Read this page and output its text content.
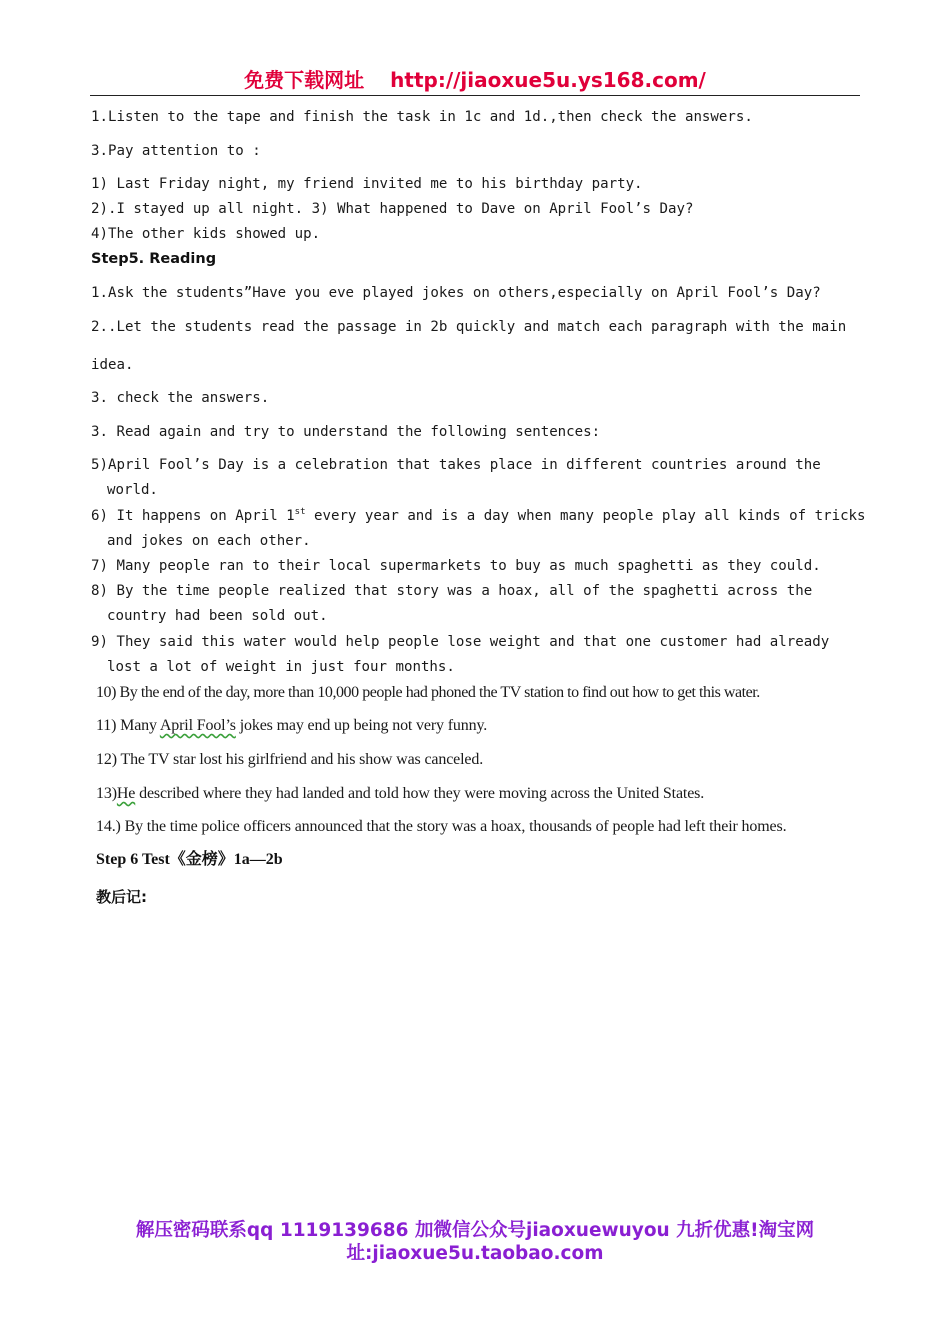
免费下载网址 http://jiaoxue5u.ys168.com/
1.Listen to the tape and finish the task in 1c and 1d.,then check the answers.
3.Pay attention to :
1) Last Friday night, my friend invited me to his birthday party.
2).I stayed up all night. 3) What happened to Dave on April Fool’s Day?
4)The other kids showed up.
Step5. Reading
1.Ask the students”Have you eve played jokes on others,especially on April Fool’s Day?
2..Let the students read the passage in 2b quickly and match each paragraph with the main
idea.
3. check the answers.
3. Read again and try to understand the following sentences:
5)April Fool’s Day is a celebration that takes place in different countries around the
world.
6) It happens on April 1st every year and is a day when many people play all kinds of tricks
and jokes on each other.
7) Many people ran to their local supermarkets to buy as much spaghetti as they could.
8) By the time people realized that story was a hoax, all of the spaghetti across the
country had been sold out.
9) They said this water would help people lose weight and that one customer had already
lost a lot of weight in just four months.
10) By the end of the day, more than 10,000 people had phoned the TV station to find out how to get this water.
11) Many April Fool’s jokes may end up being not very funny.
12) The TV star lost his girlfriend and his show was canceled.
13)He described where they had landed and told how they were moving across the United States.
14.) By the time police officers announced that the story was a hoax, thousands of people had left their homes.
Step 6 Test《金榜》1a—2b
教后记:
解压密码联系qq 1119139686 加微信公众号jiaoxuewuyou 九折优惠!淘宝网
址:jiaoxue5u.taobao.com
